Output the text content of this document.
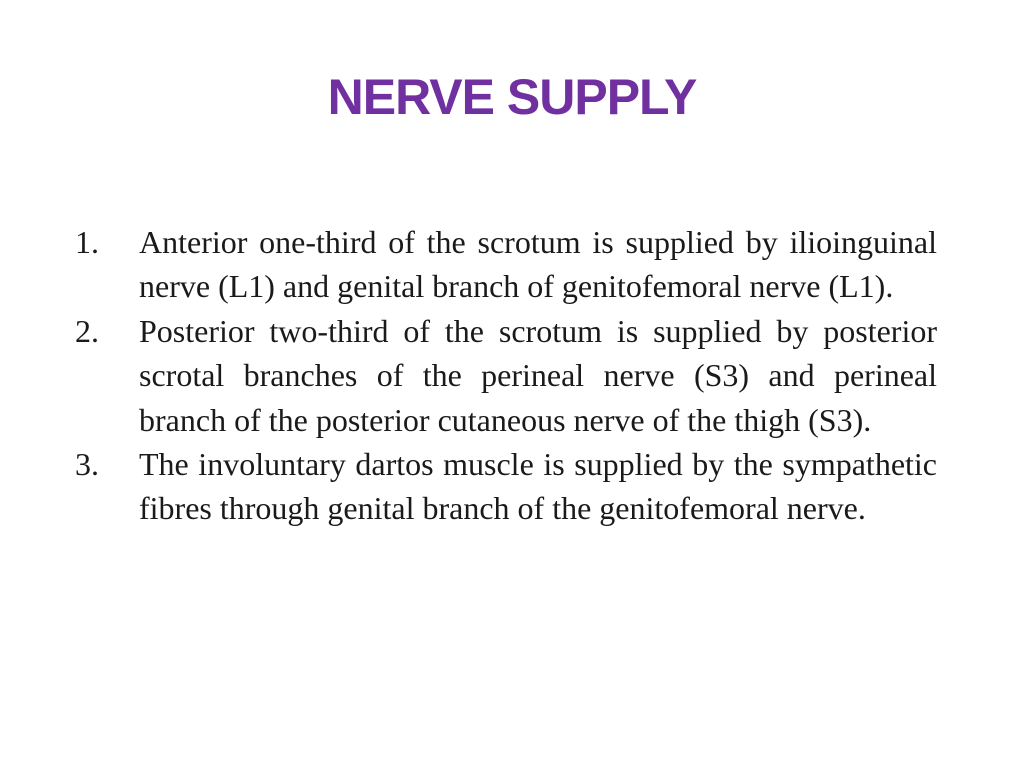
NERVE SUPPLY
1. Anterior one-third of the scrotum is supplied by ilioinguinal nerve (L1) and genital branch of genitofemoral nerve (L1).
2. Posterior two-third of the scrotum is supplied by posterior scrotal branches of the perineal nerve (S3) and perineal branch of the posterior cutaneous nerve of the thigh (S3).
3. The involuntary dartos muscle is supplied by the sympathetic fibres through genital branch of the genitofemoral nerve.
